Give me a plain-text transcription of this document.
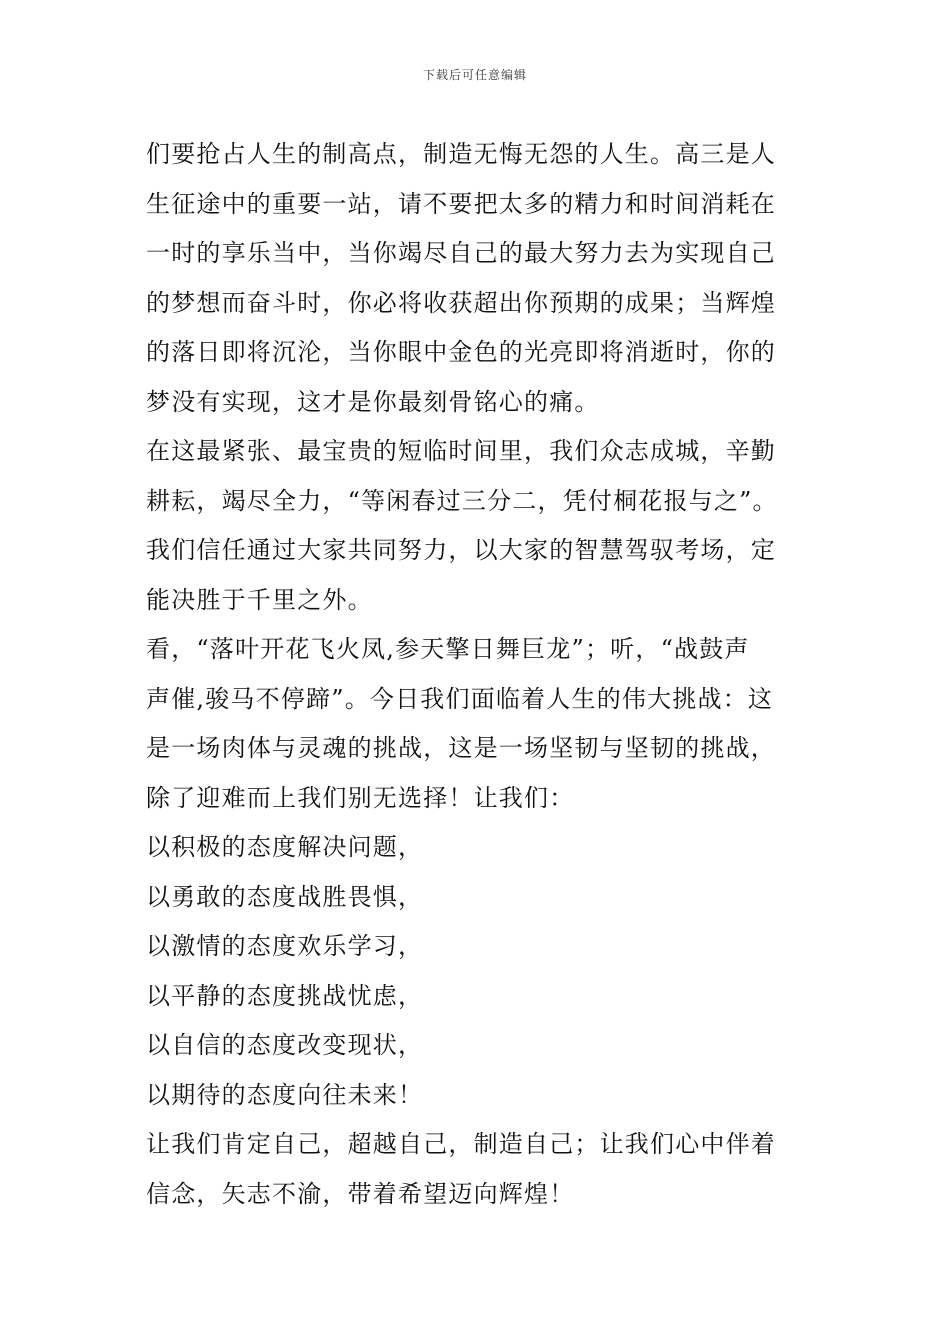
下载后可任意编辑
们要抢占人生的制高点，制造无悔无怨的人生。高三是人
生征途中的重要一站，请不要把太多的精力和时间消耗在
一时的享乐当中，当你竭尽自己的最大努力去为实现自己
的梦想而奋斗时，你必将收获超出你预期的成果；当辉煌
的落日即将沉沦，当你眼中金色的光亮即将消逝时，你的
梦没有实现，这才是你最刻骨铭心的痛。
在这最紧张、最宝贵的短临时间里，我们众志成城，辛勤
耕耘，竭尽全力，“等闲春过三分二，凭付桐花报与之”。
我们信任通过大家共同努力，以大家的智慧驾驭考场，定
能决胜于千里之外。
看，“落叶开花飞火凤,参天擎日舞巨龙”；听，“战鼓声
声催,骏马不停蹄”。今日我们面临着人生的伟大挑战：这
是一场肉体与灵魂的挑战，这是一场坚韧与坚韧的挑战，
除了迎难而上我们别无选择！让我们：
以积极的态度解决问题，
以勇敢的态度战胜畏惧，
以激情的态度欢乐学习，
以平静的态度挑战忧虑，
以自信的态度改变现状，
以期待的态度向往未来！
让我们肯定自己，超越自己，制造自己；让我们心中伴着
信念，矢志不渝，带着希望迈向辉煌！
